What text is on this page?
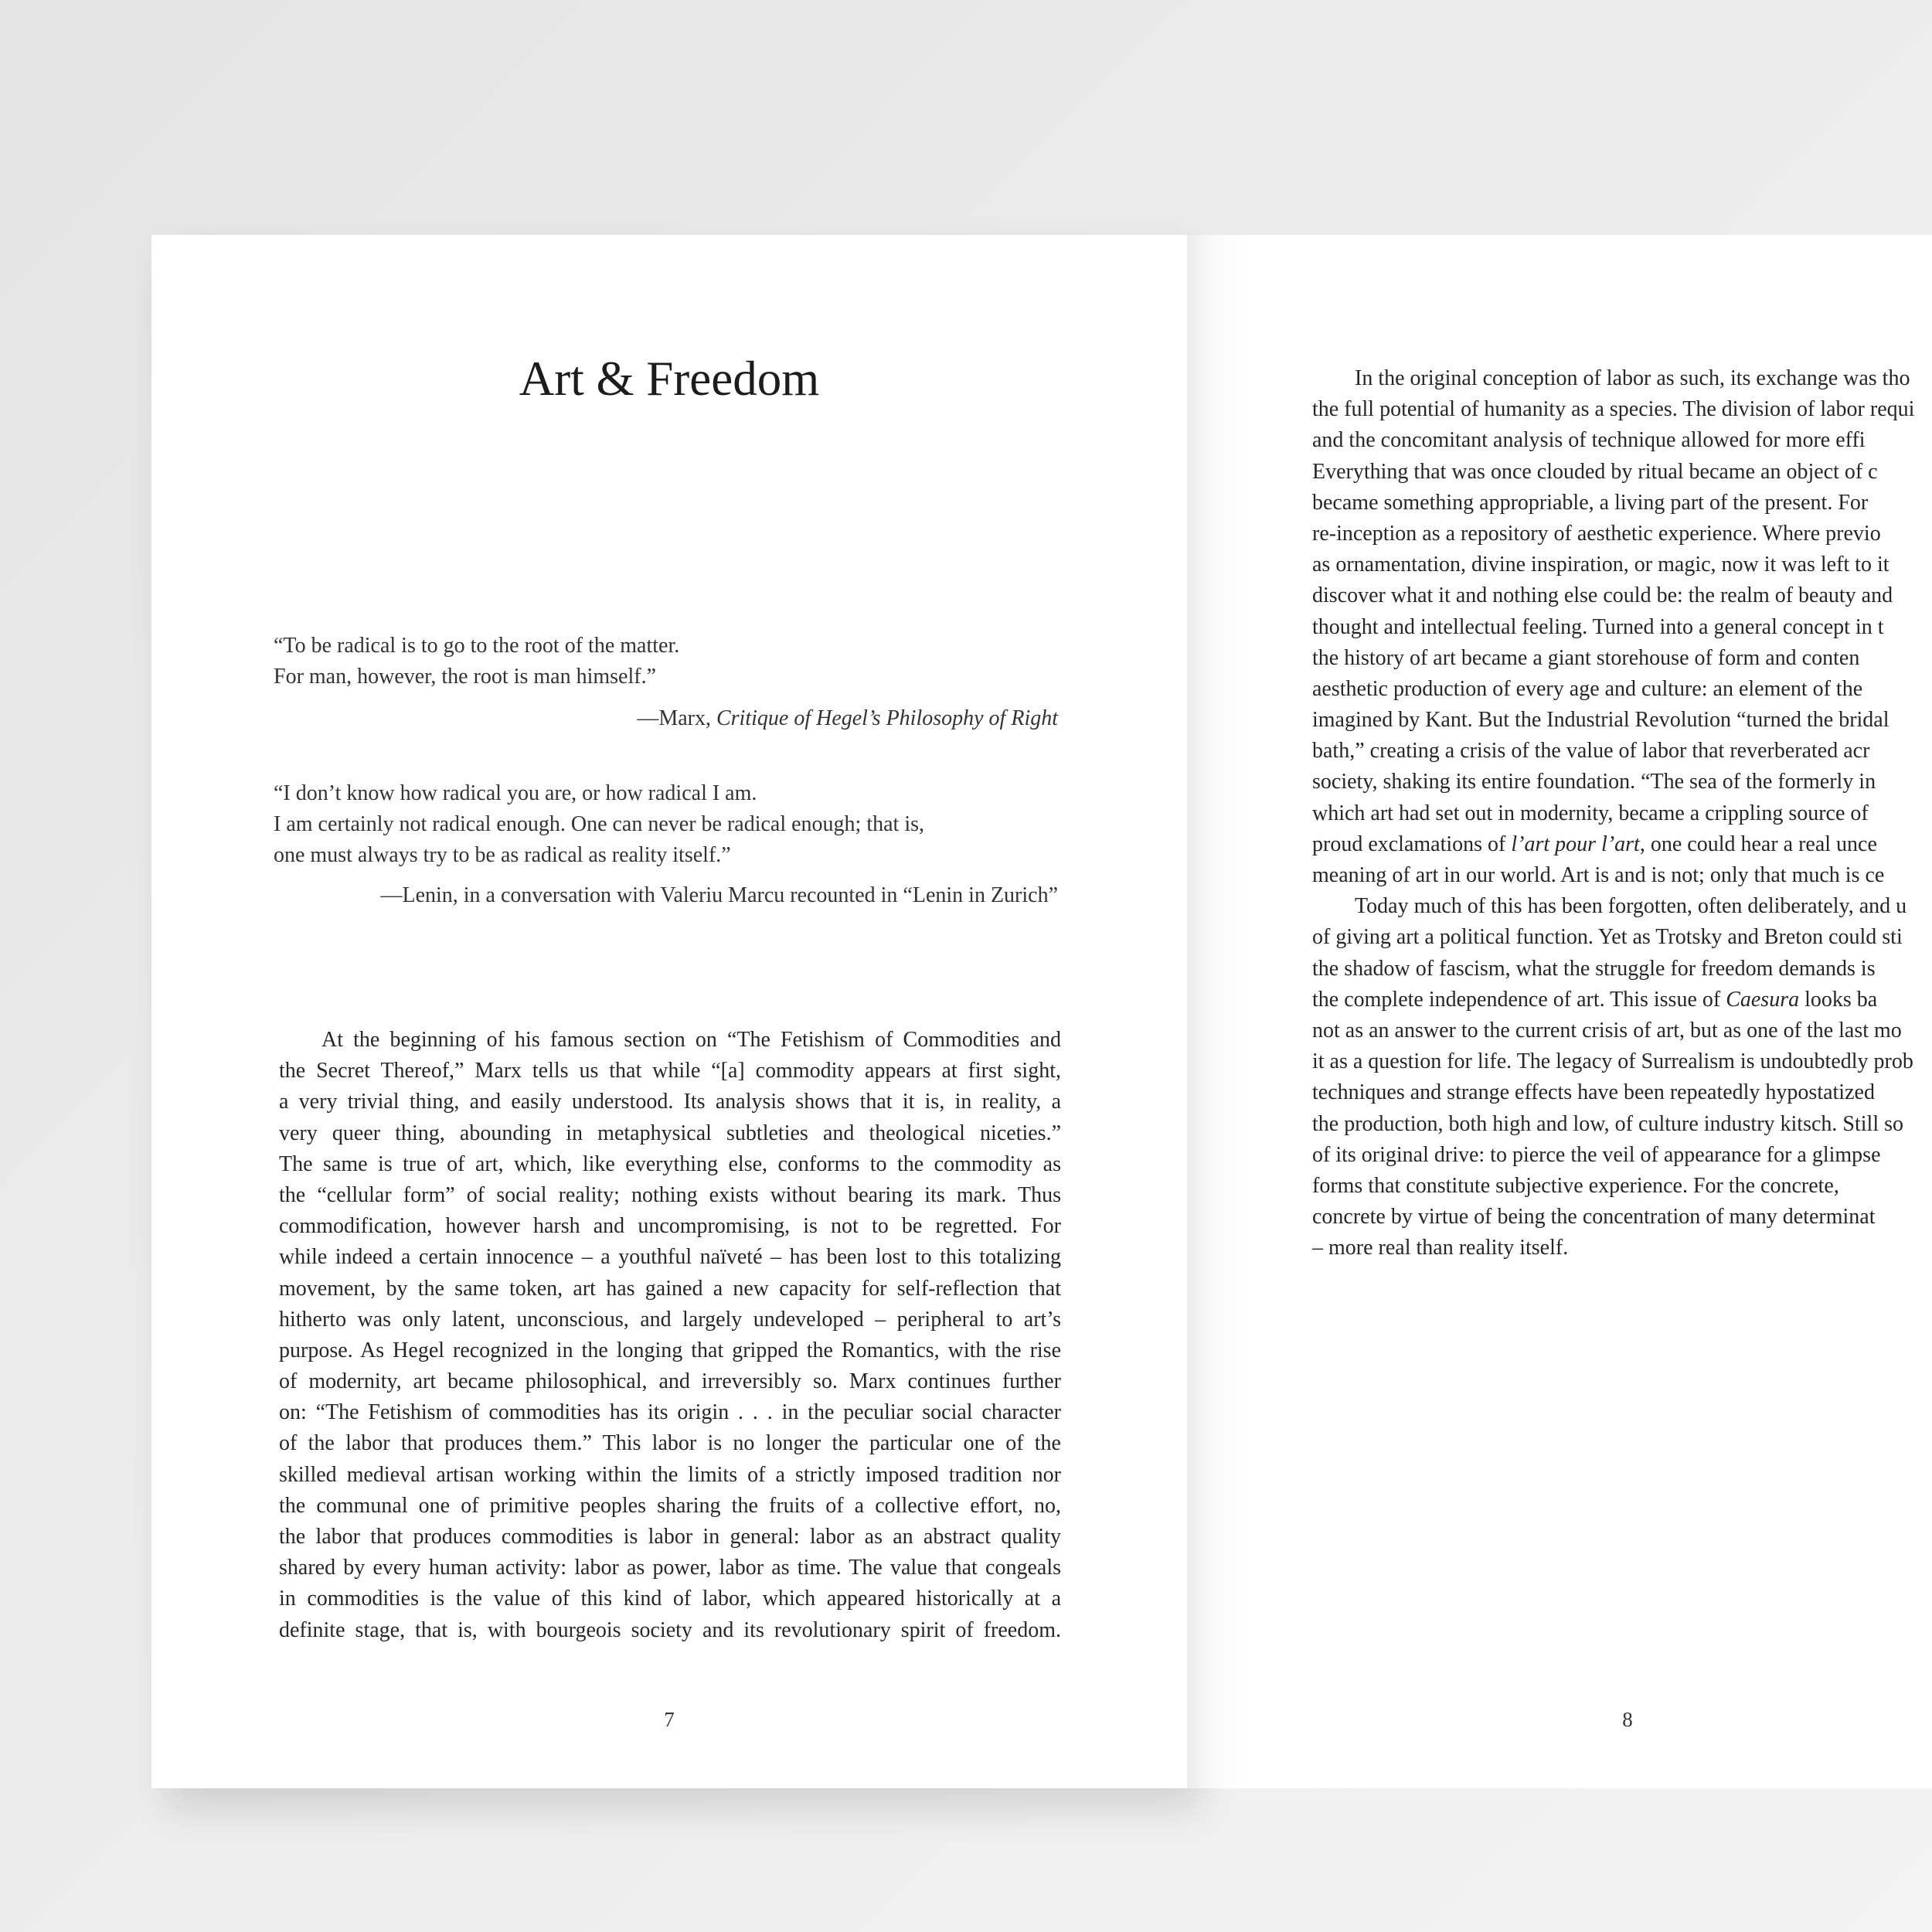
Art & Freedom
“To be radical is to go to the root of the matter.
For man, however, the root is man himself.”
—Marx, Critique of Hegel’s Philosophy of Right
“I don’t know how radical you are, or how radical I am.
I am certainly not radical enough. One can never be radical enough; that is,
one must always try to be as radical as reality itself.”
—Lenin, in a conversation with Valeriu Marcu recounted in “Lenin in Zurich”
At the beginning of his famous section on “The Fetishism of Commodities and
the Secret Thereof,” Marx tells us that while “[a] commodity appears at first sight,
a very trivial thing, and easily understood. Its analysis shows that it is, in reality, a
very queer thing, abounding in metaphysical subtleties and theological niceties.”
The same is true of art, which, like everything else, conforms to the commodity as
the “cellular form” of social reality; nothing exists without bearing its mark. Thus
commodification, however harsh and uncompromising, is not to be regretted. For
while indeed a certain innocence – a youthful naïveté – has been lost to this totalizing
movement, by the same token, art has gained a new capacity for self-reflection that
hitherto was only latent, unconscious, and largely undeveloped – peripheral to art’s
purpose. As Hegel recognized in the longing that gripped the Romantics, with the rise
of modernity, art became philosophical, and irreversibly so. Marx continues further
on: “The Fetishism of commodities has its origin . . . in the peculiar social character
of the labor that produces them.” This labor is no longer the particular one of the
skilled medieval artisan working within the limits of a strictly imposed tradition nor
the communal one of primitive peoples sharing the fruits of a collective effort, no,
the labor that produces commodities is labor in general: labor as an abstract quality
shared by every human activity: labor as power, labor as time. The value that congeals
in commodities is the value of this kind of labor, which appeared historically at a
definite stage, that is, with bourgeois society and its revolutionary spirit of freedom.
7
In the original conception of labor as such, its exchange was tho
the full potential of humanity as a species. The division of labor requi
and the concomitant analysis of technique allowed for more effi
Everything that was once clouded by ritual became an object of c
became something appropriable, a living part of the present. For
re-inception as a repository of aesthetic experience. Where previo
as ornamentation, divine inspiration, or magic, now it was left to it
discover what it and nothing else could be: the realm of beauty and
thought and intellectual feeling. Turned into a general concept in t
the history of art became a giant storehouse of form and conten
aesthetic production of every age and culture: an element of the
imagined by Kant. But the Industrial Revolution “turned the bridal
bath,” creating a crisis of the value of labor that reverberated acr
society, shaking its entire foundation. “The sea of the formerly in
which art had set out in modernity, became a crippling source of
proud exclamations of l’art pour l’art, one could hear a real unce
meaning of art in our world. Art is and is not; only that much is ce
Today much of this has been forgotten, often deliberately, and u
of giving art a political function. Yet as Trotsky and Breton could sti
the shadow of fascism, what the struggle for freedom demands is
the complete independence of art. This issue of Caesura looks ba
not as an answer to the current crisis of art, but as one of the last mo
it as a question for life. The legacy of Surrealism is undoubtedly prob
techniques and strange effects have been repeatedly hypostatized
the production, both high and low, of culture industry kitsch. Still so
of its original drive: to pierce the veil of appearance for a glimpse
forms that constitute subjective experience. For the concrete,
concrete by virtue of being the concentration of many determinat
– more real than reality itself.
8
